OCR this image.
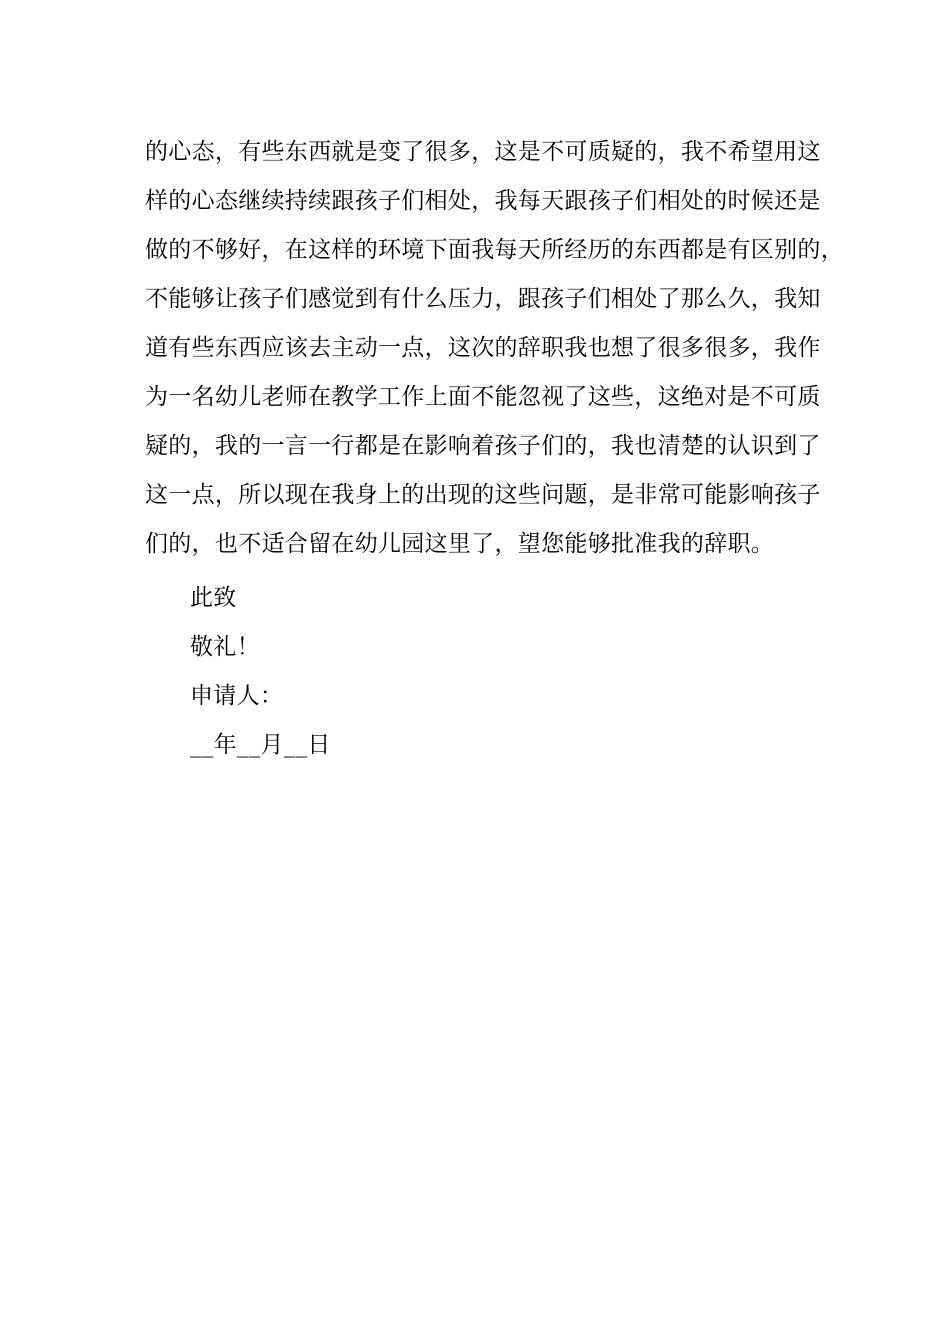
的心态，有些东西就是变了很多，这是不可质疑的，我不希望用这
样的心态继续持续跟孩子们相处，我每天跟孩子们相处的时候还是
做的不够好，在这样的环境下面我每天所经历的东西都是有区别的，
不能够让孩子们感觉到有什么压力，跟孩子们相处了那么久，我知
道有些东西应该去主动一点，这次的辞职我也想了很多很多，我作
为一名幼儿老师在教学工作上面不能忽视了这些，这绝对是不可质
疑的，我的一言一行都是在影响着孩子们的，我也清楚的认识到了
这一点，所以现在我身上的出现的这些问题，是非常可能影响孩子
们的，也不适合留在幼儿园这里了，望您能够批准我的辞职。
此致
敬礼！
申请人：
__年__月__日
